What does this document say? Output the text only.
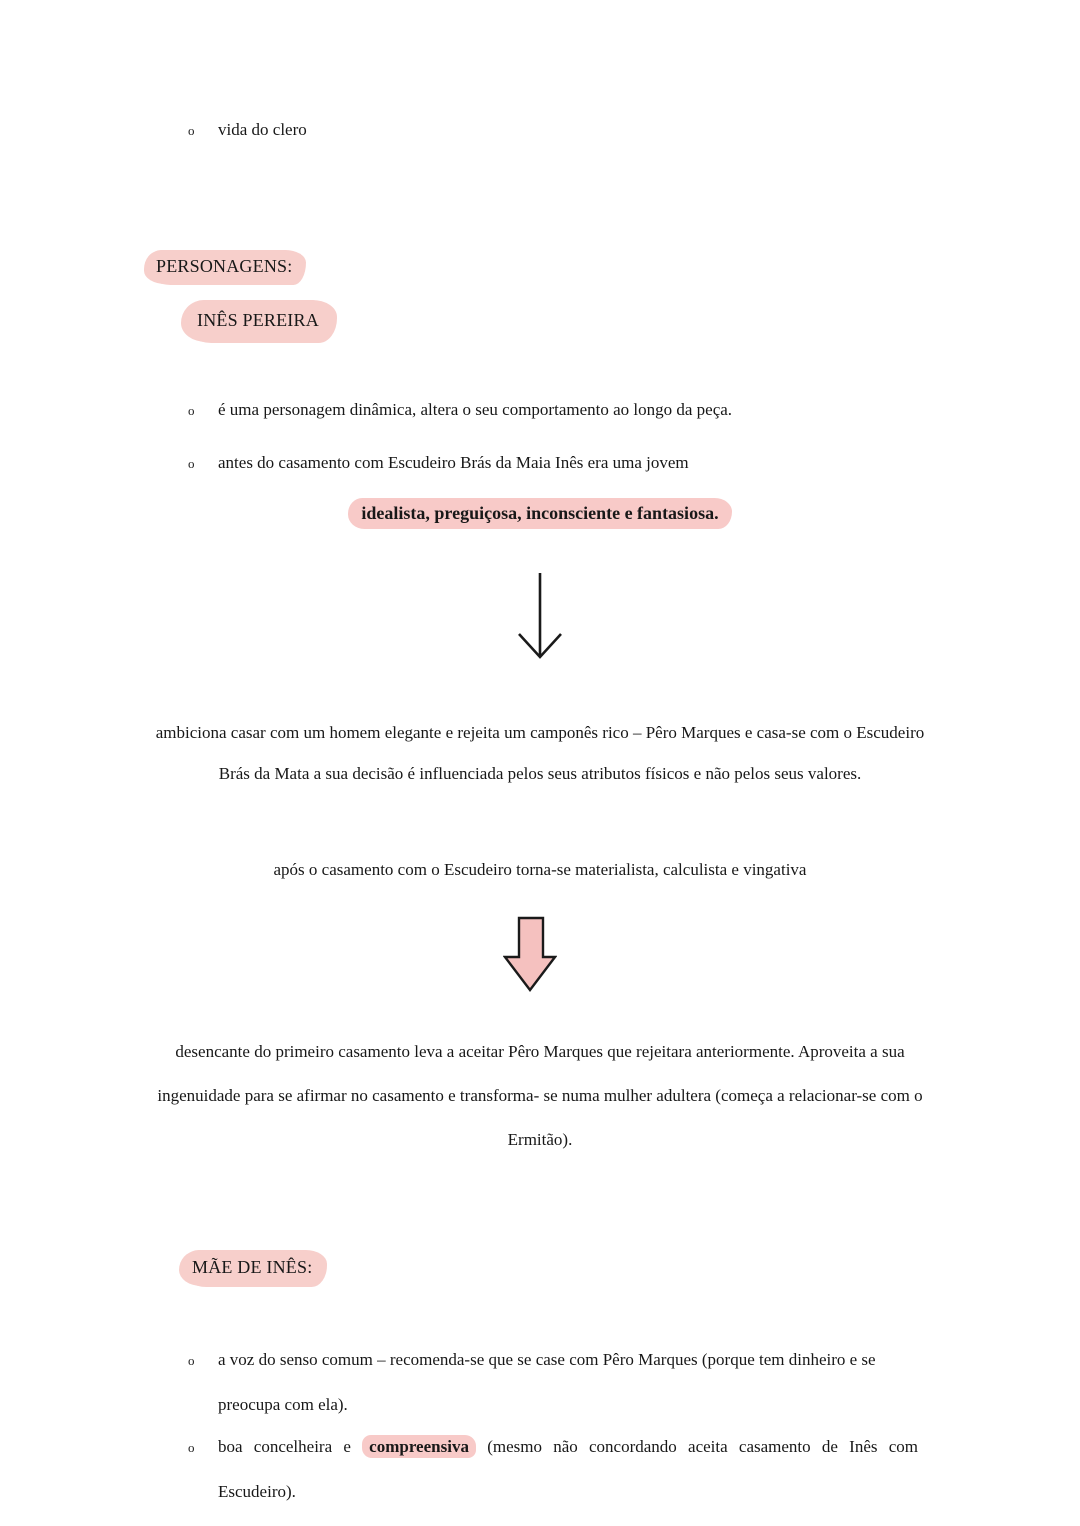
o	vida do clero
PERSONAGENS:
INÊS PEREIRA
o	é uma personagem dinâmica, altera o seu comportamento ao longo da peça.
o	antes do casamento com Escudeiro Brás da Maia Inês era uma jovem
idealista, preguiçosa, inconsciente e fantasiosa.
ambiciona casar com um homem elegante e rejeita um camponês rico – Pêro Marques e casa-se com o Escudeiro Brás da Mata a sua decisão é influenciada pelos seus atributos físicos e não pelos seus valores.
após o casamento com o Escudeiro torna-se materialista, calculista e vingativa
desencante do primeiro casamento leva a aceitar Pêro Marques que rejeitara anteriormente. Aproveita a sua ingenuidade para se afirmar no casamento e transforma- se numa mulher adultera (começa a relacionar-se com o Ermitão).
MÃE DE INÊS:
o	a voz do senso comum – recomenda-se que se case com Pêro Marques (porque tem dinheiro e se preocupa com ela).
o	boa concelheira e compreensiva (mesmo não concordando aceita casamento de Inês com Escudeiro).
